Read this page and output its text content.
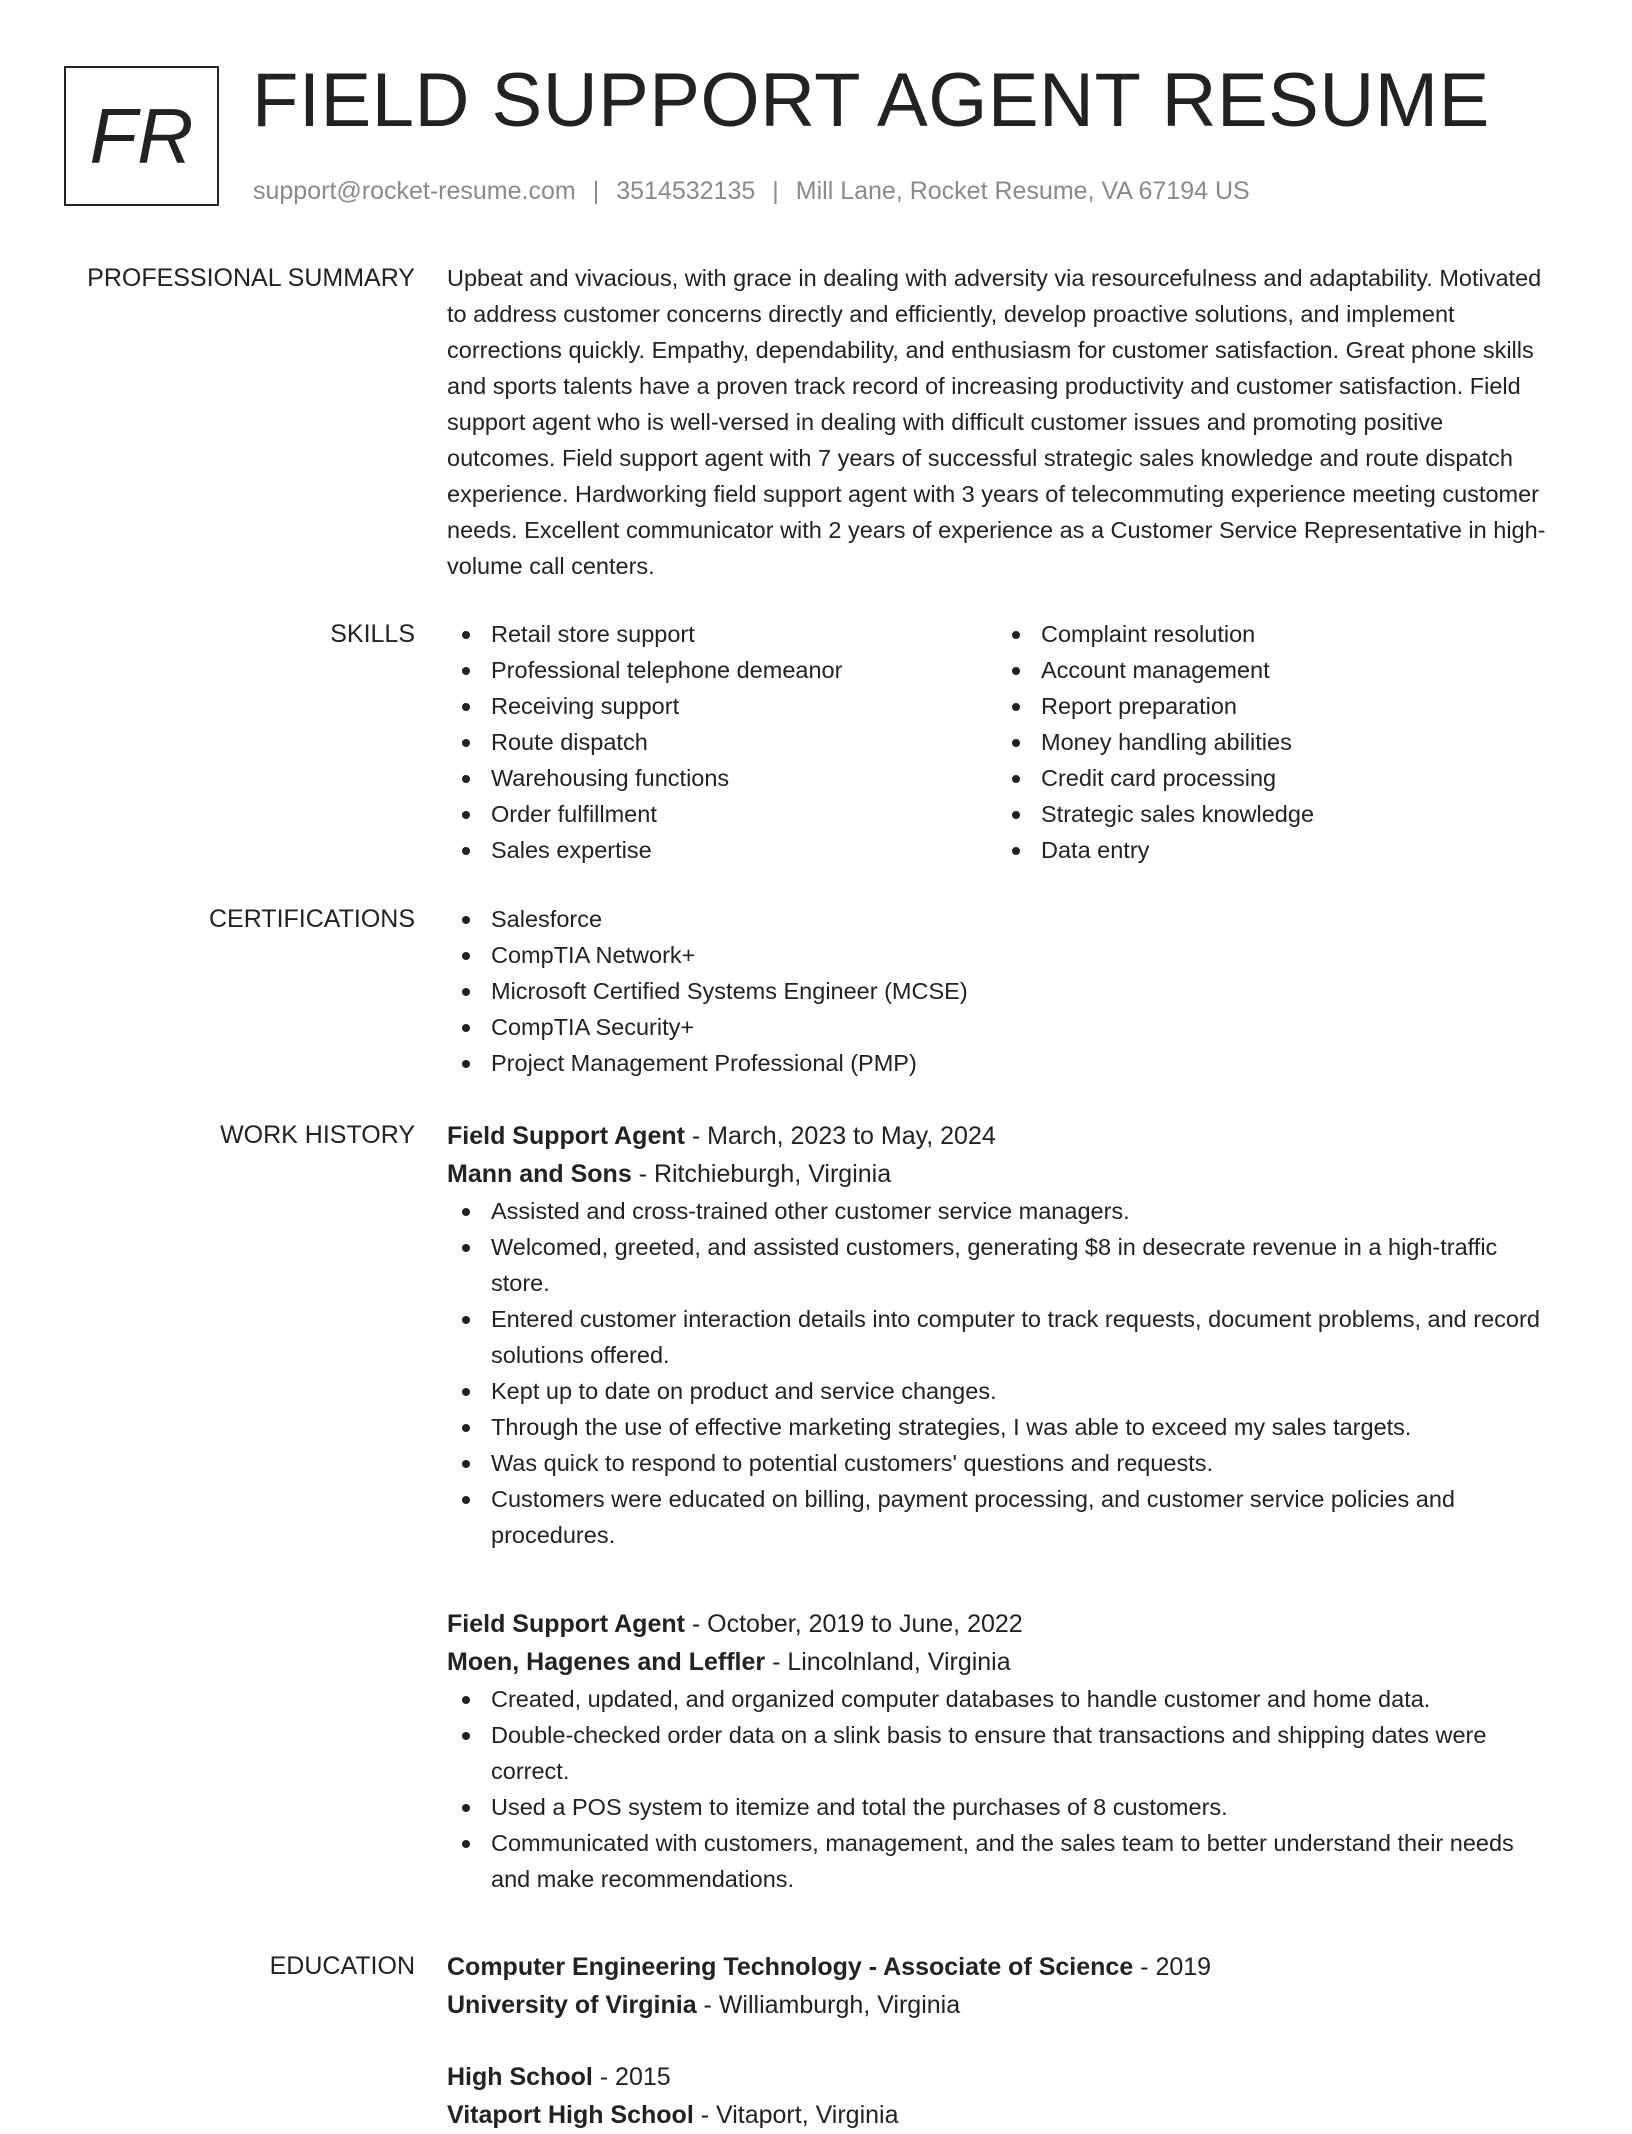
FR FIELD SUPPORT AGENT RESUME
support@rocket-resume.com | 3514532135 | Mill Lane, Rocket Resume, VA 67194 US
PROFESSIONAL SUMMARY Upbeat and vivacious, with grace in dealing with adversity via resourcefulness and adaptability. Motivated to address customer concerns directly and efficiently, develop proactive solutions, and implement corrections quickly. Empathy, dependability, and enthusiasm for customer satisfaction. Great phone skills and sports talents have a proven track record of increasing productivity and customer satisfaction. Field support agent who is well-versed in dealing with difficult customer issues and promoting positive outcomes. Field support agent with 7 years of successful strategic sales knowledge and route dispatch experience. Hardworking field support agent with 3 years of telecommuting experience meeting customer needs. Excellent communicator with 2 years of experience as a Customer Service Representative in high-volume call centers.

SKILLS	Retail store support
Professional telephone demeanor
Receiving support
Route dispatch
Warehousing functions
Order fulfillment
Sales expertise
Complaint resolution
Account management
Report preparation
Money handling abilities
Credit card processing
Strategic sales knowledge
Data entry
CERTIFICATIONS	Salesforce
CompTIA Network+
Microsoft Certified Systems Engineer (MCSE)
CompTIA Security+
Project Management Professional (PMP)
WORK HISTORY Field Support Agent - March, 2023 to May, 2024
Mann and Sons - Ritchieburgh, Virginia
Assisted and cross-trained other customer service managers.
Welcomed, greeted, and assisted customers, generating $8 in desecrate revenue in a high-traffic store.
Entered customer interaction details into computer to track requests, document problems, and record solutions offered.
Kept up to date on product and service changes.
Through the use of effective marketing strategies, I was able to exceed my sales targets.
Was quick to respond to potential customers' questions and requests.
Customers were educated on billing, payment processing, and customer service policies and procedures.
Field Support Agent - October, 2019 to June, 2022
Moen, Hagenes and Leffler - Lincolnland, Virginia
Created, updated, and organized computer databases to handle customer and home data.
Double-checked order data on a slink basis to ensure that transactions and shipping dates were correct.
Used a POS system to itemize and total the purchases of 8 customers.
Communicated with customers, management, and the sales team to better understand their needs and make recommendations.
EDUCATION Computer Engineering Technology - Associate of Science - 2019
University of Virginia - Williamburgh, Virginia
High School - 2015
Vitaport High School - Vitaport, Virginia
